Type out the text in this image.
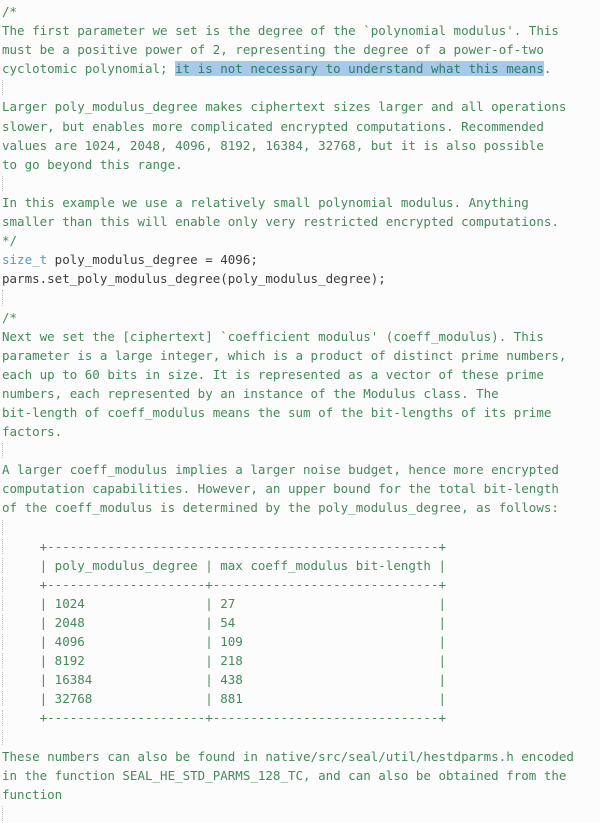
/*
The first parameter we set is the degree of the `polynomial modulus'. This
must be a positive power of 2, representing the degree of a power-of-two
cyclotomic polynomial; it is not necessary to understand what this means.
Larger poly_modulus_degree makes ciphertext sizes larger and all operations
slower, but enables more complicated encrypted computations. Recommended
values are 1024, 2048, 4096, 8192, 16384, 32768, but it is also possible
to go beyond this range.
In this example we use a relatively small polynomial modulus. Anything
smaller than this will enable only very restricted encrypted computations.
*/
size_t poly_modulus_degree = 4096;
parms.set_poly_modulus_degree(poly_modulus_degree);
/*
Next we set the [ciphertext] `coefficient modulus' (coeff_modulus). This
parameter is a large integer, which is a product of distinct prime numbers,
each up to 60 bits in size. It is represented as a vector of these prime
numbers, each represented by an instance of the Modulus class. The
bit-length of coeff_modulus means the sum of the bit-lengths of its prime
factors.
A larger coeff_modulus implies a larger noise budget, hence more encrypted
computation capabilities. However, an upper bound for the total bit-length
of the coeff_modulus is determined by the poly_modulus_degree, as follows:
+----------------------------------------------------+
| poly_modulus_degree | max coeff_modulus bit-length |
+---------------------+------------------------------+
| 1024                | 27                           |
| 2048                | 54                           |
| 4096                | 109                          |
| 8192                | 218                          |
| 16384               | 438                          |
| 32768               | 881                          |
+---------------------+------------------------------+
These numbers can also be found in native/src/seal/util/hestdparms.h encoded
in the function SEAL_HE_STD_PARMS_128_TC, and can also be obtained from the
function
